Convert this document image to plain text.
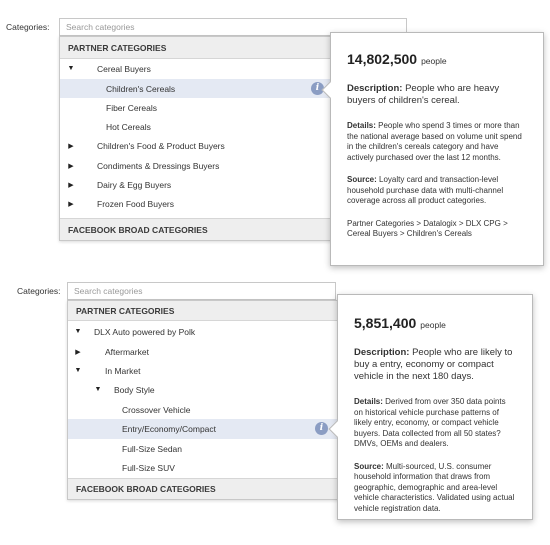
Categories:	Search categories
PARTNER CATEGORIES
▼	Cereal Buyers
Children's Cereals	i
Fiber Cereals
Hot Cereals
▶	Children's Food & Product Buyers
▶	Condiments & Dressings Buyers
▶	Dairy & Egg Buyers
▶	Frozen Food Buyers
FACEBOOK BROAD CATEGORIES
14,802,500 people
Description: People who are heavy buyers of children's cereal.
Details: People who spend 3 times or more than the national average based on volume unit spend in the children's cereals category and have actively purchased over the last 12 months.
Source: Loyalty card and transaction-level household purchase data with multi-channel coverage across all product categories.
Partner Categories > Datalogix > DLX CPG > Cereal Buyers > Children's Cereals
Categories:	Search categories
PARTNER CATEGORIES
▼ DLX Auto powered by Polk
▶	Aftermarket
▼	In Market
▼ Body Style
Crossover Vehicle
Entry/Economy/Compact	i
Full-Size Sedan
Full-Size SUV
FACEBOOK BROAD CATEGORIES
5,851,400 people
Description: People who are likely to buy a entry, economy or compact vehicle in the next 180 days.
Details: Derived from over 350 data points on historical vehicle purchase patterns of likely entry, economy, or compact vehicle buyers. Data collected from all 50 states? DMVs, OEMs and dealers.
Source: Multi-sourced, U.S. consumer household information that draws from geographic, demographic and area-level vehicle characteristics. Validated using actual vehicle registration data.
